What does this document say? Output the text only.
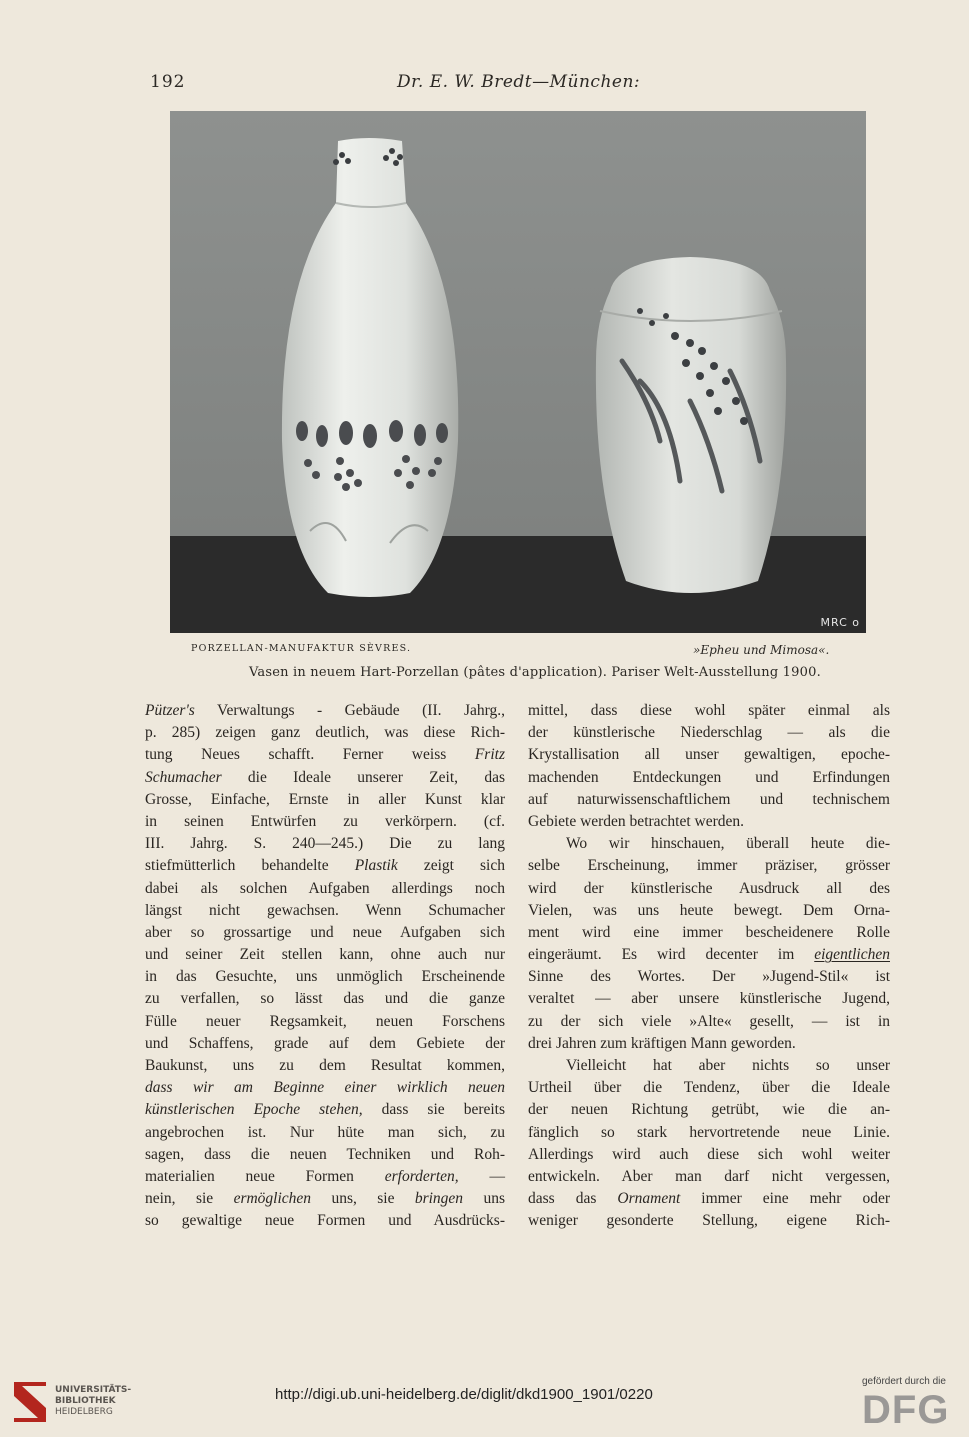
192	Dr. E. W. Bredt—München:
MRC o
PORZELLAN-MANUFAKTUR SÈVRES.	»Epheu und Mimosa«.
Vasen in neuem Hart-Porzellan (pâtes d'application). Pariser Welt-Ausstellung 1900.
Pützer's Verwaltungs - Gebäude (II. Jahrg.,
p. 285) zeigen ganz deutlich, was diese Rich-
tung Neues schafft. Ferner weiss Fritz
Schumacher die Ideale unserer Zeit, das
Grosse, Einfache, Ernste in aller Kunst klar
in seinen Entwürfen zu verkörpern. (cf.
III. Jahrg. S. 240—245.) Die zu lang
stiefmütterlich behandelte Plastik zeigt sich
dabei als solchen Aufgaben allerdings noch
längst nicht gewachsen. Wenn Schumacher
aber so grossartige und neue Aufgaben sich
und seiner Zeit stellen kann, ohne auch nur
in das Gesuchte, uns unmöglich Erscheinende
zu verfallen, so lässt das und die ganze
Fülle neuer Regsamkeit, neuen Forschens
und Schaffens, grade auf dem Gebiete der
Baukunst, uns zu dem Resultat kommen,
dass wir am Beginne einer wirklich neuen
künstlerischen Epoche stehen, dass sie bereits
angebrochen ist. Nur hüte man sich, zu
sagen, dass die neuen Techniken und Roh-
materialien neue Formen erforderten, —
nein, sie ermöglichen uns, sie bringen uns
so gewaltige neue Formen und Ausdrücks-
mittel, dass diese wohl später einmal als
der künstlerische Niederschlag — als die
Krystallisation all unser gewaltigen, epoche-
machenden Entdeckungen und Erfindungen
auf naturwissenschaftlichem und technischem
Gebiete werden betrachtet werden.
Wo wir hinschauen, überall heute die-
selbe Erscheinung, immer präziser, grösser
wird der künstlerische Ausdruck all des
Vielen, was uns heute bewegt. Dem Orna-
ment wird eine immer bescheidenere Rolle
eingeräumt. Es wird decenter im eigentlichen
Sinne des Wortes. Der »Jugend-Stil« ist
veraltet — aber unsere künstlerische Jugend,
zu der sich viele »Alte« gesellt, — ist in
drei Jahren zum kräftigen Mann geworden.
Vielleicht hat aber nichts so unser
Urtheil über die Tendenz, über die Ideale
der neuen Richtung getrübt, wie die an-
fänglich so stark hervortretende neue Linie.
Allerdings wird auch diese sich wohl weiter
entwickeln. Aber man darf nicht vergessen,
dass das Ornament immer eine mehr oder
weniger gesonderte Stellung, eigene Rich-
UNIVERSITÄTS-
BIBLIOTHEK
HEIDELBERG
http://digi.ub.uni-heidelberg.de/diglit/dkd1900_1901/0220
gefördert durch die
DFG
